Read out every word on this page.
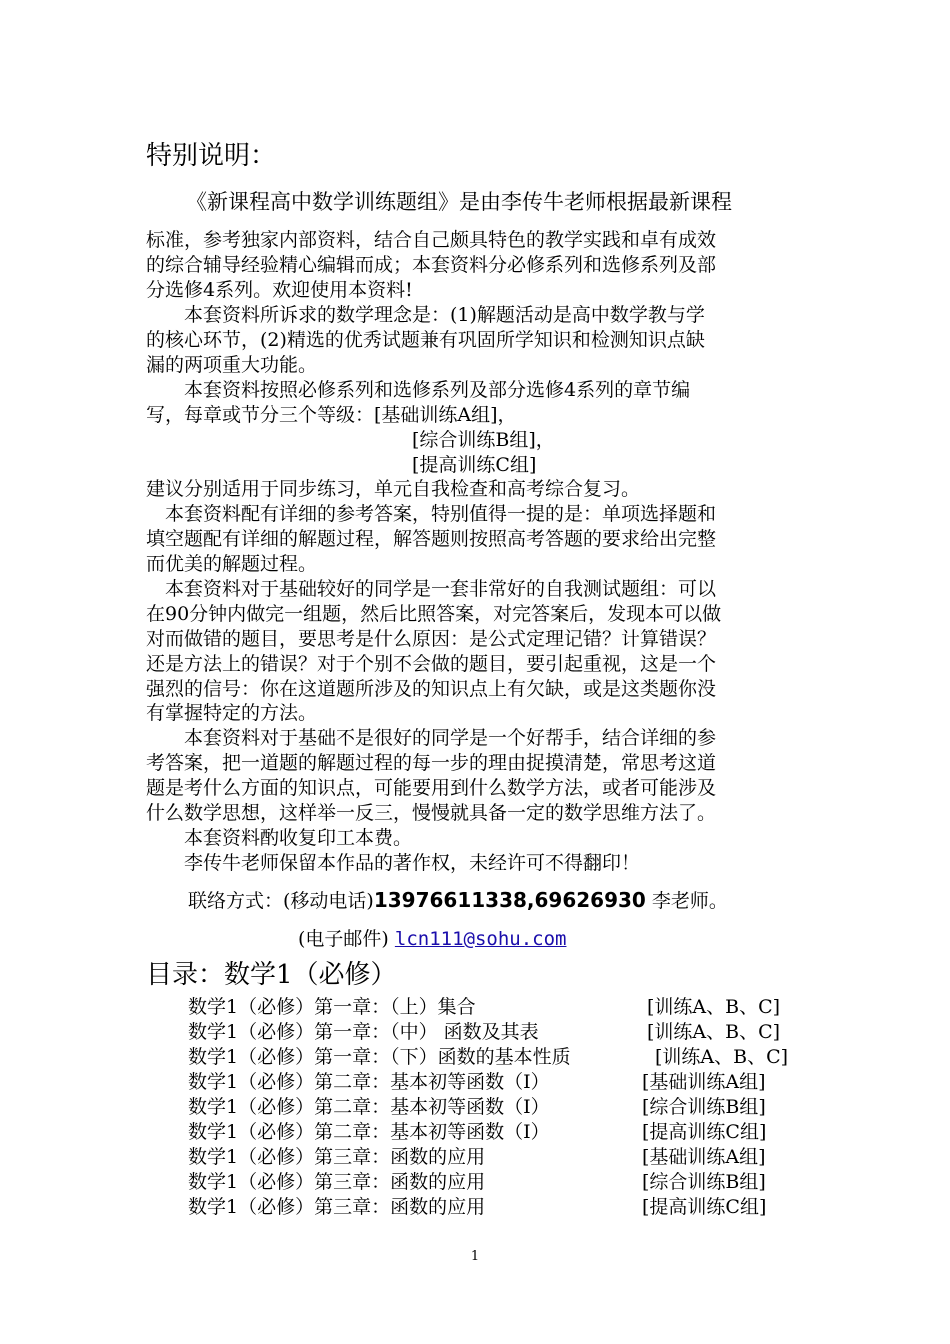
特别说明：
《新课程高中数学训练题组》是由李传牛老师根据最新课程
标准，参考独家内部资料，结合自己颇具特色的教学实践和卓有成效
的综合辅导经验精心编辑而成；本套资料分必修系列和选修系列及部
分选修4系列。欢迎使用本资料!
　　本套资料所诉求的数学理念是：(1)解题活动是高中数学教与学
的核心环节，(2)精选的优秀试题兼有巩固所学知识和检测知识点缺
漏的两项重大功能。
　　本套资料按照必修系列和选修系列及部分选修4系列的章节编
写，每章或节分三个等级：[基础训练A组]，
[综合训练B组]，
[提高训练C组]
建议分别适用于同步练习，单元自我检查和高考综合复习。
　本套资料配有详细的参考答案，特别值得一提的是：单项选择题和
填空题配有详细的解题过程，解答题则按照高考答题的要求给出完整
而优美的解题过程。
　本套资料对于基础较好的同学是一套非常好的自我测试题组：可以
在90分钟内做完一组题，然后比照答案，对完答案后，发现本可以做
对而做错的题目，要思考是什么原因：是公式定理记错？计算错误？
还是方法上的错误？对于个别不会做的题目，要引起重视，这是一个
强烈的信号：你在这道题所涉及的知识点上有欠缺，或是这类题你没
有掌握特定的方法。
　　本套资料对于基础不是很好的同学是一个好帮手，结合详细的参
考答案，把一道题的解题过程的每一步的理由捉摸清楚，常思考这道
题是考什么方面的知识点，可能要用到什么数学方法，或者可能涉及
什么数学思想，这样举一反三，慢慢就具备一定的数学思维方法了。
　　本套资料酌收复印工本费。
　　李传牛老师保留本作品的著作权，未经许可不得翻印！
联络方式：(移动电话)13976611338,69626930 李老师。
(电子邮件) lcn111@sohu.com
目录：数学1（必修）
数学1（必修）第一章：（上）集合	[训练A、B、C]
数学1（必修）第一章：（中） 函数及其表	[训练A、B、C]
数学1（必修）第一章：（下）函数的基本性质	[训练A、B、C]
数学1（必修）第二章：基本初等函数（I）	[基础训练A组]
数学1（必修）第二章：基本初等函数（I）	[综合训练B组]
数学1（必修）第二章：基本初等函数（I）	[提高训练C组]
数学1（必修）第三章：函数的应用	[基础训练A组]
数学1（必修）第三章：函数的应用	[综合训练B组]
数学1（必修）第三章：函数的应用	[提高训练C组]
1
